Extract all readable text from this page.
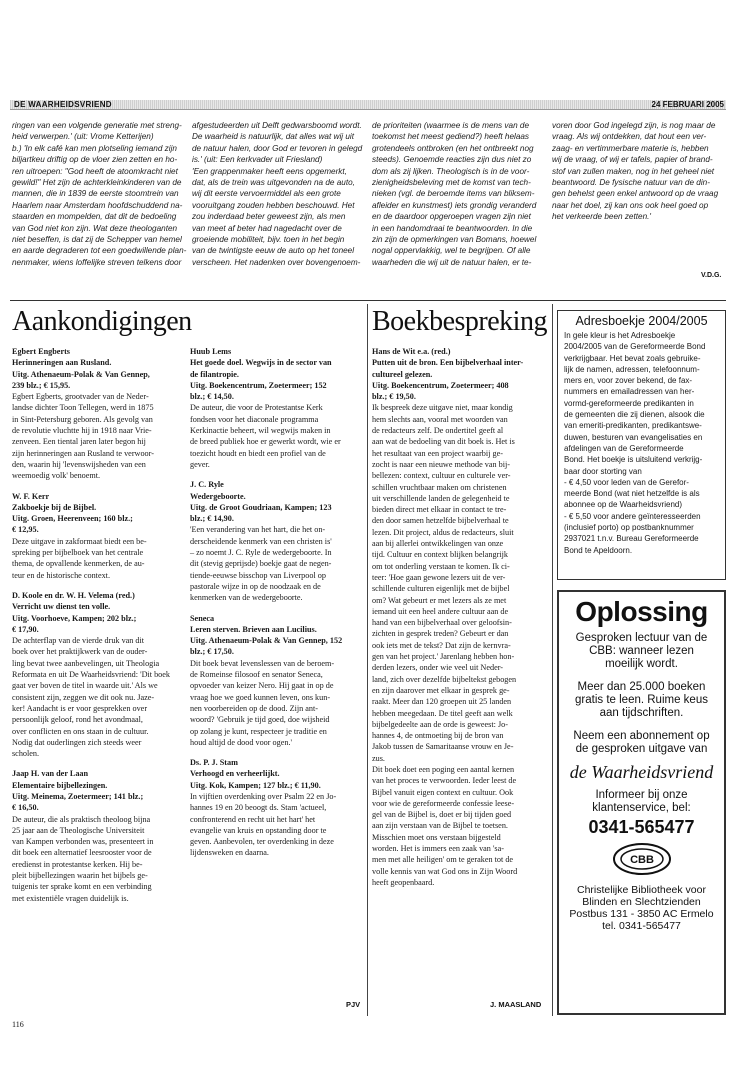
DE WAARHEIDSVRIEND	24 FEBRUARI 2005
ringen van een volgende generatie met streng-
heid verwerpen.' (uit: Vrome Ketterijen)
b.) 'In elk café kan men plotseling iemand zijn
biljartkeu driftig op de vloer zien zetten en ho-
ren uitroepen: "God heeft de atoomkracht niet
gewild!" Het zijn de achterkleinkinderen van de
mannen, die in 1839 de eerste stoomtrein van
Haarlem naar Amsterdam hoofdschuddend na-
staarden en mompelden, dat dit de bedoeling
van God niet kon zijn. Wat deze theologanten
niet beseffen, is dat zij de Schepper van hemel
en aarde degraderen tot een goedwillende plan-
nenmaker, wiens loffelijke streven telkens door
afgestudeerden uit Delft gedwarsboomd wordt.
De waarheid is natuurlijk, dat alles wat wij uit
de natuur halen, door God er tevoren in gelegd
is.' (uit: Een kerkvader uit Friesland)
'Een grappenmaker heeft eens opgemerkt,
dat, als de trein was uitgevonden na de auto,
wij dit eerste vervoermiddel als een grote
vooruitgang zouden hebben beschouwd. Het
zou inderdaad beter geweest zijn, als men
van meet af beter had nagedacht over de
groeiende mobiliteit, bijv. toen in het begin
van de twintigste eeuw de auto op het toneel
verscheen. Het nadenken over bovengenoem-
de prioriteiten (waarmee is de mens van de
toekomst het meest gediend?) heeft helaas
grotendeels ontbroken (en het ontbreekt nog
steeds). Genoemde reacties zijn dus niet zo
dom als zij lijken. Theologisch is in de voor-
zienigheidsbeleving met de komst van tech-
nieken (vgl. de beroemde items van bliksem-
afleider en kunstmest) iets grondig veranderd
en de daardoor opgeroepen vragen zijn niet
in een handomdraai te beantwoorden. In die
zin zijn de opmerkingen van Bomans, hoewel
nogal oppervlakkig, wel te begrijpen. Of alle
waarheden die wij uit de natuur halen, er te-
voren door God ingelegd zijn, is nog maar de
vraag. Als wij ontdekken, dat hout een ver-
zaag- en vertimmerbare materie is, hebben
wij de vraag, of wij er tafels, papier of brand-
stof van zullen maken, nog in het geheel niet
beantwoord. De fysische natuur van de din-
gen behelst geen enkel antwoord op de vraag
naar het doel, zij kan ons ook heel goed op
het verkeerde been zetten.'
V.D.G.
Aankondigingen
Egbert Engberts
Herinneringen aan Rusland.
Uitg. Athenaeum-Polak & Van Gennep,
239 blz.; € 15,95.
Egbert Egberts, grootvader van de Neder-
landse dichter Toon Tellegen, werd in 1875
in Sint-Petersburg geboren. Als gevolg van
de revolutie vluchtte hij in 1918 naar Vrie-
zenveen. Een tiental jaren later begon hij
zijn herinneringen aan Rusland te verwoor-
den, waarin hij 'levenswijsheden van een
weemoedig volk' benoemt.
W. F. Kerr
Zakboekje bij de Bijbel.
Uitg. Groen, Heerenveen; 160 blz.;
€ 12,95.
Deze uitgave in zakformaat biedt een be-
spreking per bijbelboek van het centrale
thema, de opvallende kenmerken, de au-
teur en de historische context.
D. Koole en dr. W. H. Velema (red.)
Verricht uw dienst ten volle.
Uitg. Voorhoeve, Kampen; 202 blz.;
€ 17,90.
De achterflap van de vierde druk van dit
boek over het praktijkwerk van de ouder-
ling bevat twee aanbevelingen, uit Theologia
Reformata en uit De Waarheidsvriend: 'Dit boek
gaat ver boven de titel in waarde uit.' Als we
consistent zijn, zeggen we dit ook nu. Jaze-
ker! Aandacht is er voor gesprekken over
persoonlijk geloof, rond het avondmaal,
over conflicten en ons staan in de cultuur.
Nodig dat ouderlingen zich steeds weer
scholen.
Jaap H. van der Laan
Elementaire bijbellezingen.
Uitg. Meinema, Zoetermeer; 141 blz.;
€ 16,50.
De auteur, die als praktisch theoloog bijna
25 jaar aan de Theologische Universiteit
van Kampen verbonden was, presenteert in
dit boek een alternatief leesrooster voor de
eredienst in protestantse kerken. Hij be-
pleit bijbellezingen waarin het bijbels ge-
tuigenis ter sprake komt en een verbinding
met existentiële vragen duidelijk is.
Huub Lems
Het goede doel. Wegwijs in de sector van
de filantropie.
Uitg. Boekencentrum, Zoetermeer; 152
blz.; € 14,50.
De auteur, die voor de Protestantse Kerk
fondsen voor het diaconale programma
Kerkinactie beheert, wil wegwijs maken in
de breed publiek hoe er gewerkt wordt, wie er
toezicht houdt en biedt een profiel van de
gever.
J. C. Ryle
Wedergeboorte.
Uitg. de Groot Goudriaan, Kampen; 123
blz.; € 14,90.
'Een verandering van het hart, die het on-
derscheidende kenmerk van een christen is'
– zo noemt J. C. Ryle de wedergeboorte. In
dit (stevig geprijsde) boekje gaat de negen-
tiende-eeuwse bisschop van Liverpool op
pastorale wijze in op de noodzaak en de
kenmerken van de wedergeboorte.
Seneca
Leren sterven. Brieven aan Lucilius.
Uitg. Athenaeum-Polak & Van Gennep, 152
blz.; € 17,50.
Dit boek bevat levenslessen van de beroem-
de Romeinse filosoof en senator Seneca,
opvoeder van keizer Nero. Hij gaat in op de
vraag hoe we goed kunnen leven, ons kun-
nen voorbereiden op de dood. Zijn ant-
woord? 'Gebruik je tijd goed, doe wijsheid
op zolang je kunt, respecteer je traditie en
houd altijd de dood voor ogen.'
Ds. P. J. Stam
Verhoogd en verheerlijkt.
Uitg. Kok, Kampen; 127 blz.; € 11,90.
In vijftien overdenking over Psalm 22 en Jo-
hannes 19 en 20 beoogt ds. Stam 'actueel,
confronterend en recht uit het hart' het
evangelie van kruis en opstanding door te
geven. Aanbevolen, ter overdenking in deze
lijdensweken en daarna.
PJV
Boekbespreking
Hans de Wit e.a. (red.)
Putten uit de bron. Een bijbelverhaal inter-
cultureel gelezen.
Uitg. Boekencentrum, Zoetermeer; 408
blz.; € 19,50.
Ik bespreek deze uitgave niet, maar kondig
hem slechts aan, vooral met woorden van
de redacteurs zelf. De ondertitel geeft al
aan wat de bedoeling van dit boek is. Het is
het resultaat van een project waarbij ge-
zocht is naar een nieuwe methode van bij-
bellezen: context, cultuur en culturele ver-
schillen vruchtbaar maken om christenen
uit verschillende landen de gelegenheid te
bieden direct met elkaar in contact te tre-
den door samen hetzelfde bijbelverhaal te
lezen. Dit project, aldus de redacteurs, sluit
aan bij allerlei ontwikkelingen van onze
tijd. Cultuur en context blijken belangrijk
om tot onderling verstaan te komen. Ik ci-
teer: 'Hoe gaan gewone lezers uit de ver-
schillende culturen eigenlijk met de bijbel
om? Wat gebeurt er met lezers als ze met
iemand uit een heel andere cultuur aan de
hand van een bijbelverhaal over geloofsin-
zichten in gesprek treden? Gebeurt er dan
ook iets met de tekst? Dat zijn de kernvra-
gen van het project.' Jarenlang hebben hon-
derden lezers, onder wie veel uit Neder-
land, zich over dezelfde bijbeltekst gebogen
en zijn daarover met elkaar in gesprek ge-
raakt. Meer dan 120 groepen uit 25 landen
hebben meegedaan. De titel geeft aan welk
bijbelgedeelte aan de orde is geweest: Jo-
hannes 4, de ontmoeting bij de bron van
Jakob tussen de Samaritaanse vrouw en Je-
zus.
Dit boek doet een poging een aantal kernen
van het proces te verwoorden. Ieder leest de
Bijbel vanuit eigen context en cultuur. Ook
voor wie de gereformeerde confessie leese-
gel van de Bijbel is, doet er bij tijden goed
aan zijn verstaan van de Bijbel te toetsen.
Misschien moet ons verstaan bijgesteld
worden. Het is immers een zaak van 'sa-
men met alle heiligen' om te geraken tot de
volle kennis van wat God ons in Zijn Woord
heeft geopenbaard.
J. MAASLAND
Adresboekje 2004/2005
In gele kleur is het Adresboekje
2004/2005 van de Gereformeerde Bond
verkrijgbaar. Het bevat zoals gebruike-
lijk de namen, adressen, telefoonnum-
mers en, voor zover bekend, de fax-
nummers en emailadressen van her-
vormd-gereformeerde predikanten in
de gemeenten die zij dienen, alsook die
van emeriti-predikanten, predikantswe-
duwen, besturen van evangelisaties en
afdelingen van de Gereformeerde
Bond. Het boekje is uitsluitend verkrijg-
baar door storting van
- € 4,50 voor leden van de Gerefor-
meerde Bond (wat niet hetzelfde is als
abonnee op de Waarheidsvriend)
- € 5,50 voor andere geïnteresseerden
(inclusief porto) op postbanknummer
2937021 t.n.v. Bureau Gereformeerde
Bond te Apeldoorn.
Oplossing
Gesproken lectuur van de
CBB: wanneer lezen
moeilijk wordt.
Meer dan 25.000 boeken
gratis te leen. Ruime keus
aan tijdschriften.
Neem een abonnement op
de gesproken uitgave van
de Waarheidsvriend
Informeer bij onze
klantenservice, bel:
0341-565477
CBB
Christelijke Bibliotheek voor
Blinden en Slechtzienden
Postbus 131 - 3850 AC Ermelo
tel. 0341-565477
116
